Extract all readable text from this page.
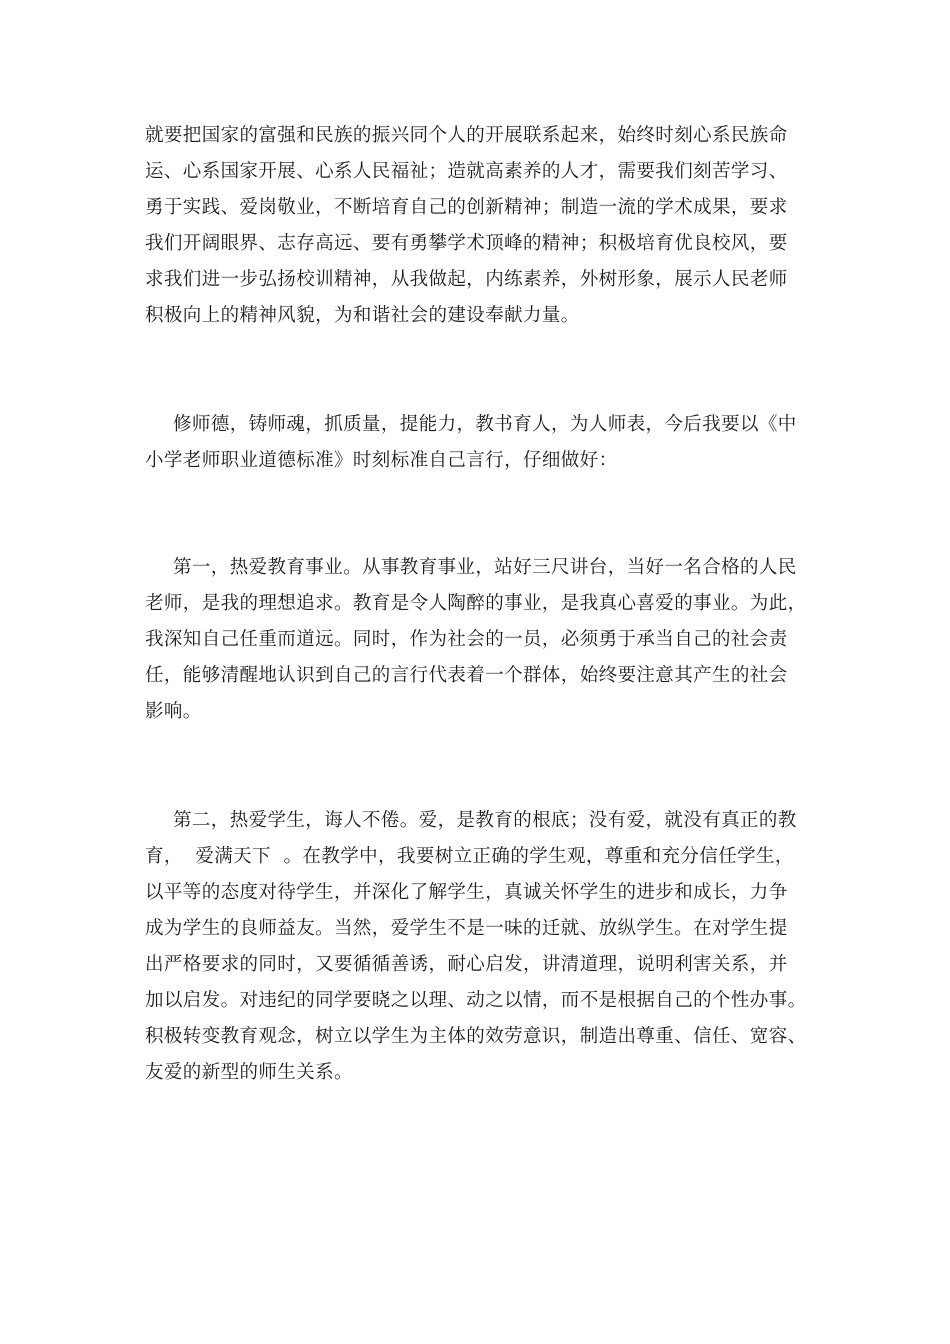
就要把国家的富强和民族的振兴同个人的开展联系起来，始终时刻心系民族命
运、心系国家开展、心系人民福祉；造就高素养的人才，需要我们刻苦学习、
勇于实践、爱岗敬业，不断培育自己的创新精神；制造一流的学术成果，要求
我们开阔眼界、志存高远、要有勇攀学术顶峰的精神；积极培育优良校风，要
求我们进一步弘扬校训精神，从我做起，内练素养，外树形象，展示人民老师
积极向上的精神风貌，为和谐社会的建设奉献力量。

修师德，铸师魂，抓质量，提能力，教书育人，为人师表，今后我要以《中
小学老师职业道德标准》时刻标准自己言行，仔细做好：

第一，热爱教育事业。从事教育事业，站好三尺讲台，当好一名合格的人民
老师，是我的理想追求。教育是令人陶醉的事业，是我真心喜爱的事业。为此，
我深知自己任重而道远。同时，作为社会的一员，必须勇于承当自己的社会责
任，能够清醒地认识到自己的言行代表着一个群体，始终要注意其产生的社会
影响。

第二，热爱学生，诲人不倦。爱，是教育的根底；没有爱，就没有真正的教
育，  爱满天下  。在教学中，我要树立正确的学生观，尊重和充分信任学生，
以平等的态度对待学生，并深化了解学生，真诚关怀学生的进步和成长，力争
成为学生的良师益友。当然，爱学生不是一味的迁就、放纵学生。在对学生提
出严格要求的同时，又要循循善诱，耐心启发，讲清道理，说明利害关系，并
加以启发。对违纪的同学要晓之以理、动之以情，而不是根据自己的个性办事。
积极转变教育观念，树立以学生为主体的效劳意识，制造出尊重、信任、宽容、
友爱的新型的师生关系。
